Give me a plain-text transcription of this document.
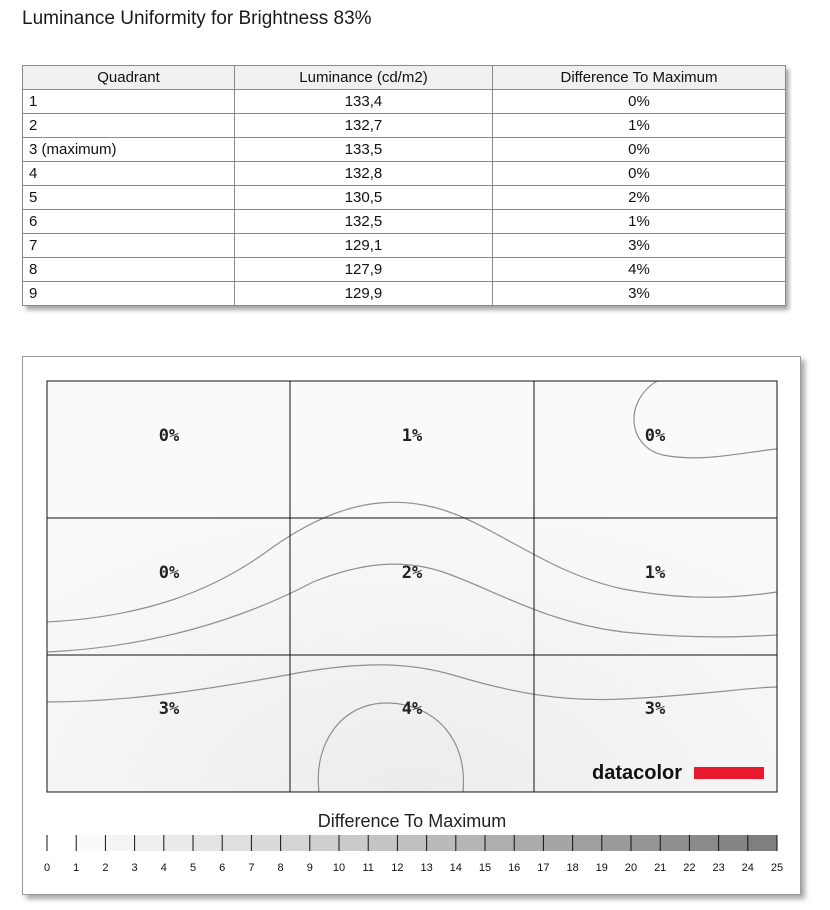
Luminance Uniformity for Brightness 83%
Quadrant	Luminance (cd/m2)	Difference To Maximum
1	133,4	0%
2	132,7	1%
3 (maximum)	133,5	0%
4	132,8	0%
5	130,5	2%
6	132,5	1%
7	129,1	3%
8	127,9	4%
9	129,9	3%
0%	1%	0%
0%	2%	1%
3%	4%	3%
datacolor
Difference To Maximum
0 1 2 3 4 5 6 7 8 9 10 11 12 13 14 15 16 17 18 19 20 21 22 23 24 25
